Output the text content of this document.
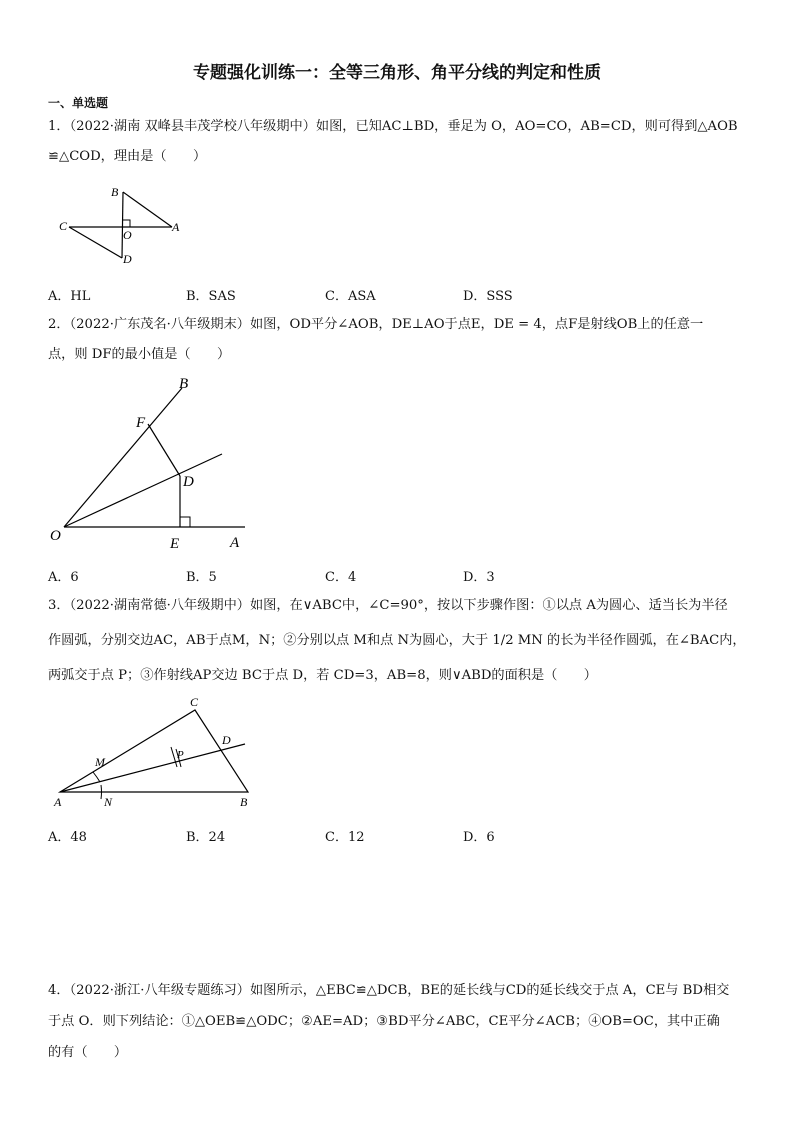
专题强化训练一：全等三角形、角平分线的判定和性质
一、单选题
1．（2022·湖南 双峰县丰茂学校八年级期中）如图，已知AC⊥BD，垂足为 O，AO=CO，AB=CD，则可得到△AOB
≌△COD，理由是（　　）
B
C
O
A
D
A．HL	B．SAS	C．ASA	D．SSS
2．（2022·广东茂名·八年级期末）如图，OD平分∠AOB，DE⊥AO于点E，DE = 4，点F是射线OB上的任意一
点，则 DF的最小值是（　　）
B
F
D
O	E	A
A．6	B．5	C．4	D．3
3．（2022·湖南常德·八年级期中）如图，在∨ABC中，∠C=90°，按以下步骤作图：①以点 A为圆心、适当长为半径
作圆弧，分别交边AC，AB于点M，N；②分别以点 M和点 N为圆心，大于 1/2 MN 的长为半径作圆弧，在∠BAC内，
两弧交于点 P；③作射线AP交边 BC于点 D，若 CD=3，AB=8，则∨ABD的面积是（　　）
C
D
M	P
A	N	B
A．48	B．24	C．12	D．6
4．（2022·浙江·八年级专题练习）如图所示，△EBC≌△DCB，BE的延长线与CD的延长线交于点 A，CE与 BD相交
于点 O．则下列结论：①△OEB≌△ODC；②AE=AD；③BD平分∠ABC，CE平分∠ACB；④OB=OC，其中正确
的有（　　）
